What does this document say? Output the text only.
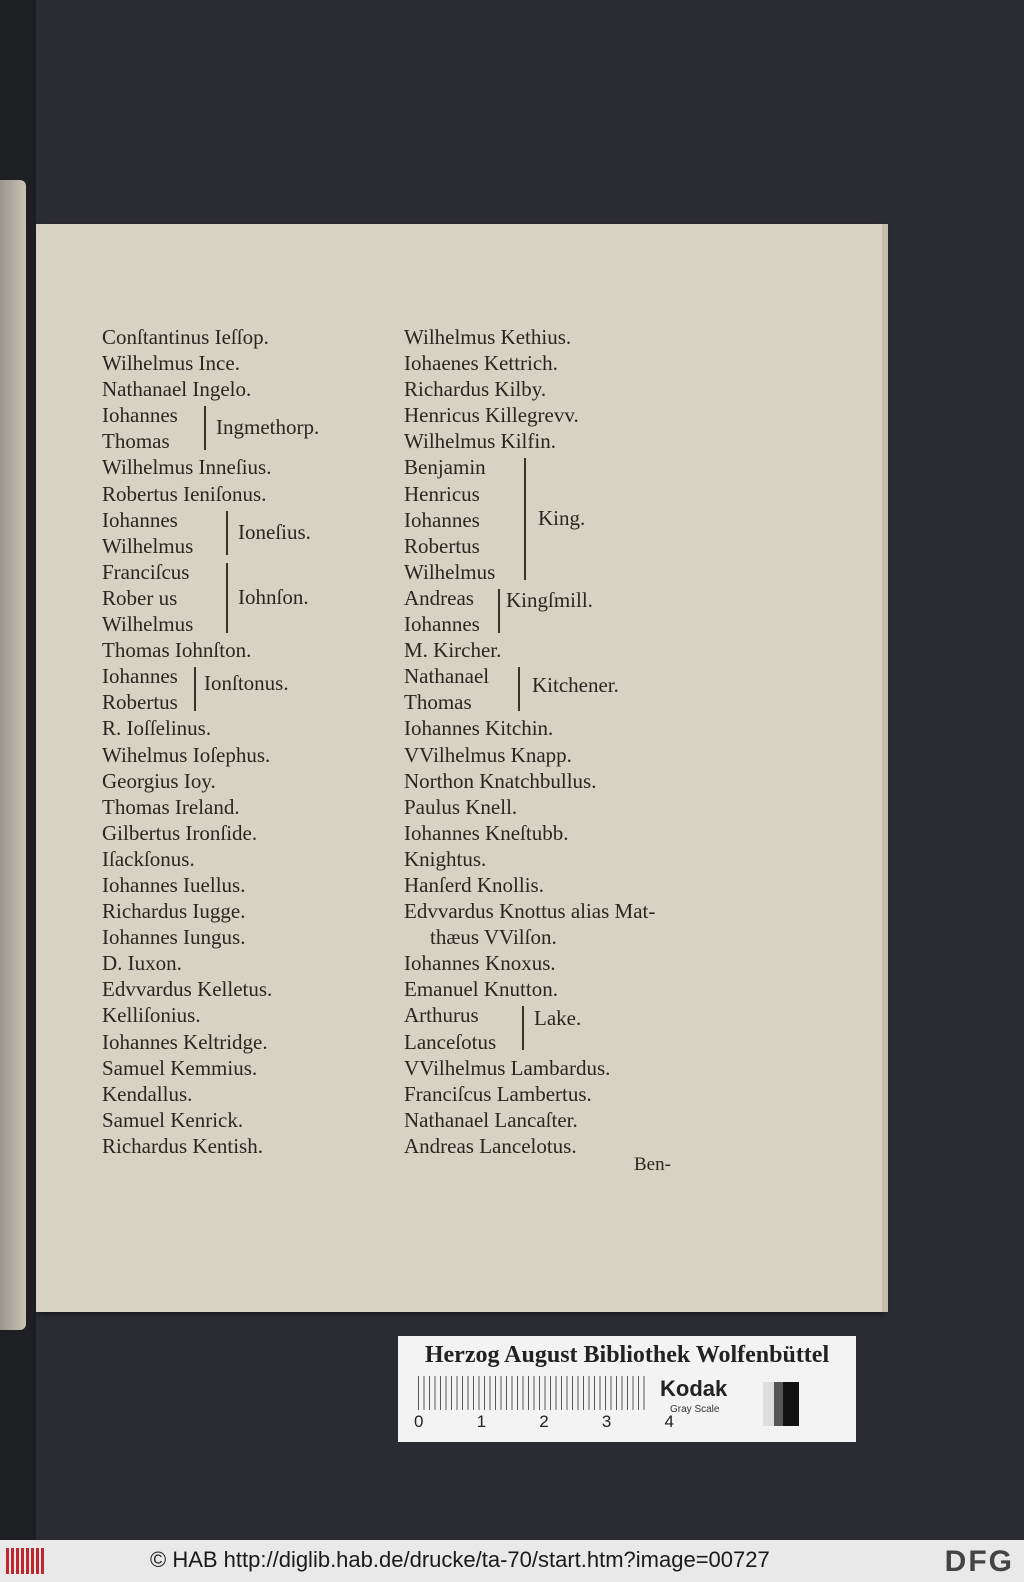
Conſtantinus Ieſſop.
Wilhelmus Ince.
Nathanael Ingelo.
Iohannes
Thomas
Ingmethorp.
Wilhelmus Inneſius.
Robertus Ieniſonus.
Iohannes
Wilhelmus
Ioneſius.
Franciſcus
Rober us
Wilhelmus
Iohnſon.
Thomas Iohnſton.
Iohannes
Robertus
Ionſtonus.
R. Ioſſelinus.
Wihelmus Ioſephus.
Georgius Ioy.
Thomas Ireland.
Gilbertus Ironſide.
Iſackſonus.
Iohannes Iuellus.
Richardus Iugge.
Iohannes Iungus.
D. Iuxon.
Edvvardus Kelletus.
Kelliſonius.
Iohannes Keltridge.
Samuel Kemmius.
Kendallus.
Samuel Kenrick.
Richardus Kentish.
Wilhelmus Kethius.
Iohaenes Kettrich.
Richardus Kilby.
Henricus Killegrevv.
Wilhelmus Kilfin.
Benjamin
Henricus
Iohannes
Robertus
Wilhelmus
King.
Andreas
Iohannes
Kingſmill.
M. Kircher.
Nathanael
Thomas
Kitchener.
Iohannes Kitchin.
VVilhelmus Knapp.
Northon Knatchbullus.
Paulus Knell.
Iohannes Kneſtubb.
Knightus.
Hanſerd Knollis.
Edvvardus Knottus alias Mat-
thæus VVilſon.
Iohannes Knoxus.
Emanuel Knutton.
Arthurus
Lanceſotus
Lake.
VVilhelmus Lambardus.
Franciſcus Lambertus.
Nathanael Lancaſter.
Andreas Lancelotus.
Ben-
Herzog August Bibliothek Wolfenbüttel
0	1	2	3	4
Kodak
Gray Scale
© HAB http://diglib.hab.de/drucke/ta-70/start.htm?image=00727	DFG
